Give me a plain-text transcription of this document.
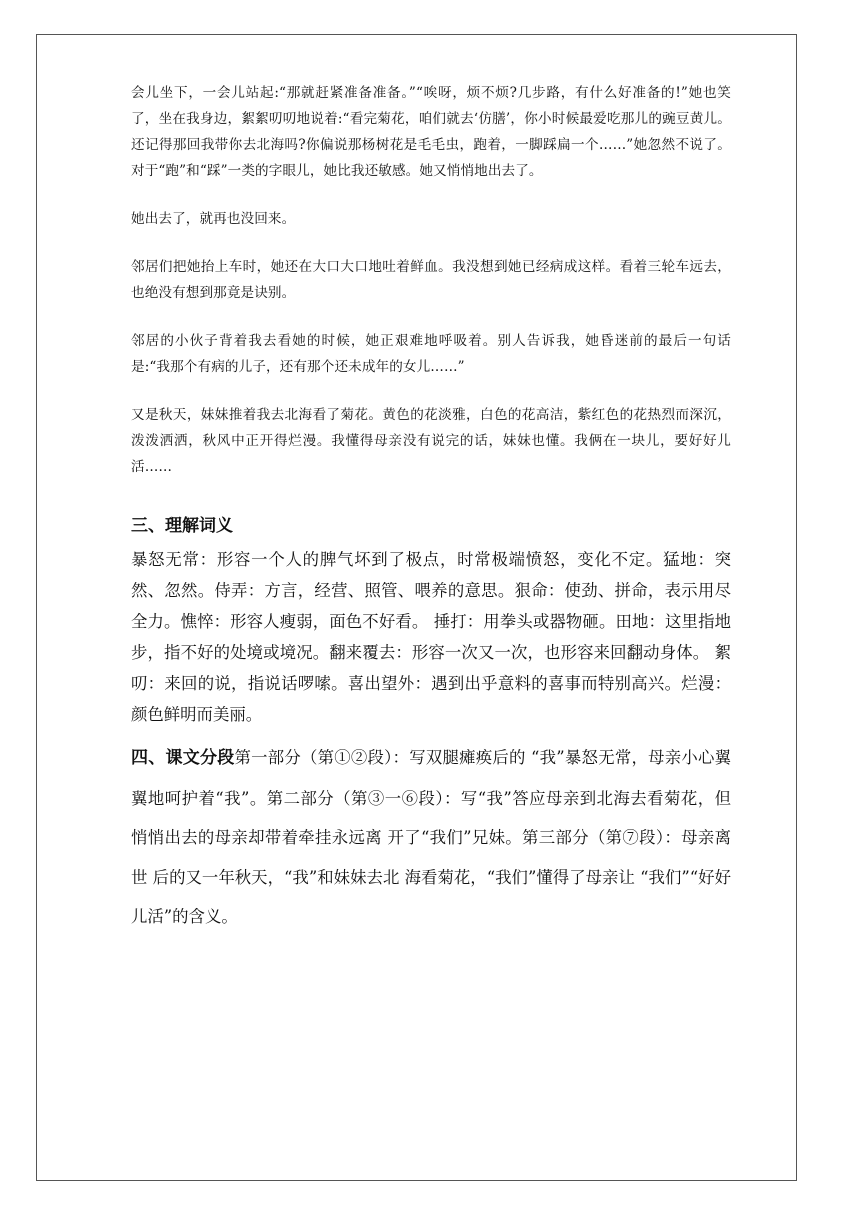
会儿坐下，一会儿站起:“那就赶紧准备准备。”“唉呀，烦不烦?几步路，有什么好准备的!”她也笑了，坐在我身边，絮絮叨叨地说着:“看完菊花，咱们就去‘仿膳’，你小时候最爱吃那儿的豌豆黄儿。还记得那回我带你去北海吗?你偏说那杨树花是毛毛虫，跑着，一脚踩扁一个……”她忽然不说了。对于“跑”和“踩”一类的字眼儿，她比我还敏感。她又悄悄地出去了。

她出去了，就再也没回来。

邻居们把她抬上车时，她还在大口大口地吐着鲜血。我没想到她已经病成这样。看着三轮车远去，也绝没有想到那竟是诀别。

邻居的小伙子背着我去看她的时候，她正艰难地呼吸着。别人告诉我，她昏迷前的最后一句话是:“我那个有病的儿子，还有那个还未成年的女儿……”

又是秋天，妹妹推着我去北海看了菊花。黄色的花淡雅，白色的花高洁，紫红色的花热烈而深沉，泼泼洒洒，秋风中正开得烂漫。我懂得母亲没有说完的话，妹妹也懂。我俩在一块儿，要好好儿活……

三、理解词义

暴怒无常：形容一个人的脾气坏到了极点，时常极端愤怒，变化不定。猛地：突然、忽然。侍弄：方言，经营、照管、喂养的意思。狠命：使劲、拼命，表示用尽全力。憔悴：形容人瘦弱，面色不好看。 捶打：用拳头或器物砸。田地：这里指地步，指不好的处境或境况。翻来覆去：形容一次又一次，也形容来回翻动身体。 絮叨：来回的说，指说话啰嗦。喜出望外：遇到出乎意料的喜事而特别高兴。烂漫：颜色鲜明而美丽。

四、课文分段第一部分（第①②段）：写双腿瘫痪后的 “我”暴怒无常，母亲小心翼翼地呵护着“我”。第二部分（第③一⑥段）：写“我”答应母亲到北海去看菊花，但 悄悄出去的母亲却带着牵挂永远离 开了“我们”兄妹。第三部分（第⑦段）：母亲离世 后的又一年秋天，“我”和妹妹去北 海看菊花，“我们”懂得了母亲让 “我们”“好好儿活”的含义。
